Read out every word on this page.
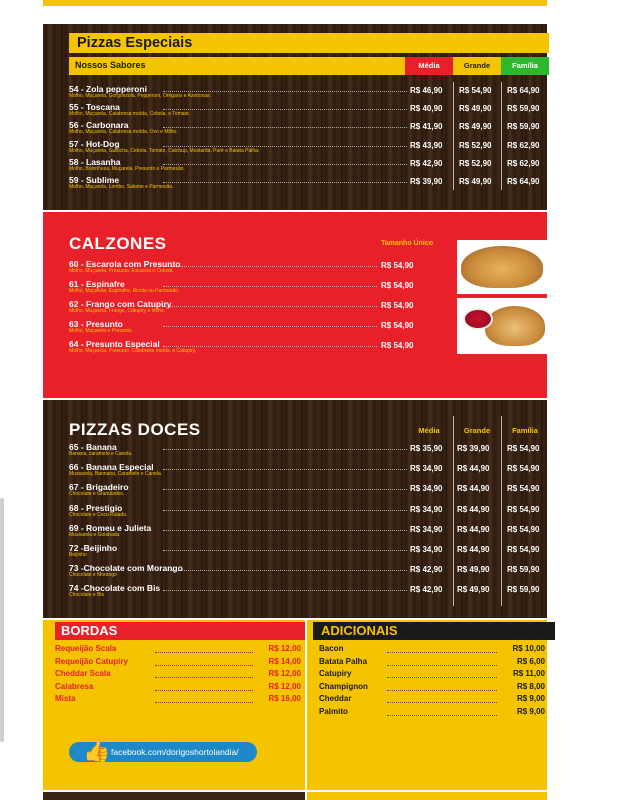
Pizzas Especiais
Nossos Sabores	Média	Grande	Família
54 - Zola pepperoni
Molho, Muçarela, Gorgonzola, Pepperoni, Orégano e Azeitonas.
R$ 46,90 R$ 54,90 R$ 64,90
55 - Toscana
Molho, Muçarela, Calabresa moída, Cebola, e Tomate.
R$ 40,90 R$ 49,90 R$ 59,90
56 - Carbonara
Molho, Muçarela, Calabresa moída, Ovo e Milho.
R$ 41,90 R$ 49,90 R$ 59,90
57 - Hot-Dog
Molho, Muçarela, Salsicha, Cebola, Tomate, Catchup, Mostarda, Purê e Batata Palha.
R$ 43,90 R$ 52,90 R$ 62,90
58 - Lasanha
Molho, Bolonhesa, Muçarela, Presunto e Parmesão.
R$ 42,90 R$ 52,90 R$ 62,90
59 - Sublime
Molho, Muçarela, Lombo, Salame e Parmesão.
R$ 39,90 R$ 49,90 R$ 64,90
CALZONES	Tamanho Único
60 - Escarola com Presunto
Molho, Muçarela, Presunto, Escarola e Cebola.
R$ 54,90
61 - Espinafre
Molho, Muçarela, Espinafre, Ricota ou Parmesão.
R$ 54,90
62 - Frango com Catupiry
Molho, Muçarela, Frango, Catupiry e Milho.
R$ 54,90
63 - Presunto
Molho, Muçarela e Presunto.
R$ 54,90
64 - Presunto Especial
Molho, Muçarela, Presunto, Calabresa moída, e Catupiry.
R$ 54,90
PIZZAS DOCES	Média	Grande	Família
65 - Banana
Banana, caramelo e Canela.
R$ 35,90 R$ 39,90 R$ 54,90
66 - Banana Especial
Mussarela, Bannana, Caramelo e Canela.
R$ 34,90 R$ 44,90 R$ 54,90
67 - Brigadeiro
Chocolate e Granulados.
R$ 34,90 R$ 44,90 R$ 54,90
68 - Prestigio
Chocolate e Coco Ralado.
R$ 34,90 R$ 44,90 R$ 54,90
69 - Romeu e Julieta
Mussarela e Goiabada
R$ 34,90 R$ 44,90 R$ 54,90
72 -Beijinho
Beijinho
R$ 34,90 R$ 44,90 R$ 54,90
73 -Chocolate com Morango
Chocolate e Morango
R$ 42,90 R$ 49,90 R$ 59,90
74 -Chocolate com Bis
Chocolate e Bis
R$ 42,90 R$ 49,90 R$ 59,90
BORDAS
Requeijão Scala	R$ 12,00
Requeijão Catupiry	R$ 14,00
Cheddar Scala	R$ 12,00
Calabresa	R$ 12,00
Mista	R$ 16,00
👍 facebook.com/dorigoshortolandia/
ADICIONAIS
Bacon	R$ 10,00
Batata Palha	R$ 6,00
Catupiry	R$ 11,00
Champignon	R$ 8,00
Cheddar	R$ 9,00
Palmito	R$ 9,00
